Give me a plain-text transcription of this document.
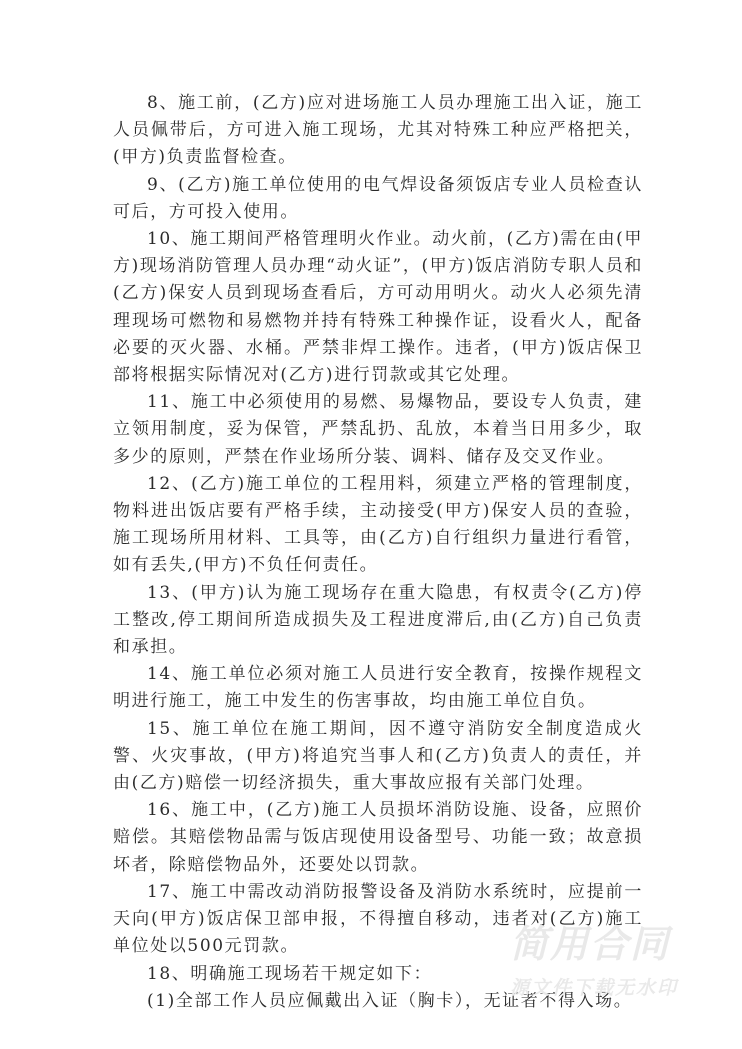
8、施工前，(乙方)应对进场施工人员办理施工出入证，施工人员佩带后，方可进入施工现场，尤其对特殊工种应严格把关，(甲方)负责监督检查。

9、(乙方)施工单位使用的电气焊设备须饭店专业人员检查认可后，方可投入使用。

10、施工期间严格管理明火作业。动火前，(乙方)需在由(甲方)现场消防管理人员办理“动火证”，(甲方)饭店消防专职人员和(乙方)保安人员到现场查看后，方可动用明火。动火人必须先清理现场可燃物和易燃物并持有特殊工种操作证，设看火人，配备必要的灭火器、水桶。严禁非焊工操作。违者，(甲方)饭店保卫部将根据实际情况对(乙方)进行罚款或其它处理。

11、施工中必须使用的易燃、易爆物品，要设专人负责，建立领用制度，妥为保管，严禁乱扔、乱放，本着当日用多少，取多少的原则，严禁在作业场所分装、调料、储存及交叉作业。

12、(乙方)施工单位的工程用料，须建立严格的管理制度，物料进出饭店要有严格手续，主动接受(甲方)保安人员的查验，施工现场所用材料、工具等，由(乙方)自行组织力量进行看管，如有丢失,(甲方)不负任何责任。

13、(甲方)认为施工现场存在重大隐患，有权责令(乙方)停工整改,停工期间所造成损失及工程进度滞后,由(乙方)自己负责和承担。

14、施工单位必须对施工人员进行安全教育，按操作规程文明进行施工，施工中发生的伤害事故，均由施工单位自负。

15、施工单位在施工期间，因不遵守消防安全制度造成火警、火灾事故，(甲方)将追究当事人和(乙方)负责人的责任，并由(乙方)赔偿一切经济损失，重大事故应报有关部门处理。

16、施工中，(乙方)施工人员损坏消防设施、设备，应照价赔偿。其赔偿物品需与饭店现使用设备型号、功能一致；故意损坏者，除赔偿物品外，还要处以罚款。

17、施工中需改动消防报警设备及消防水系统时，应提前一天向(甲方)饭店保卫部申报，不得擅自移动，违者对(乙方)施工单位处以500元罚款。

18、明确施工现场若干规定如下：

(1)全部工作人员应佩戴出入证（胸卡），无证者不得入场。

简用合同
源文件下载无水印
